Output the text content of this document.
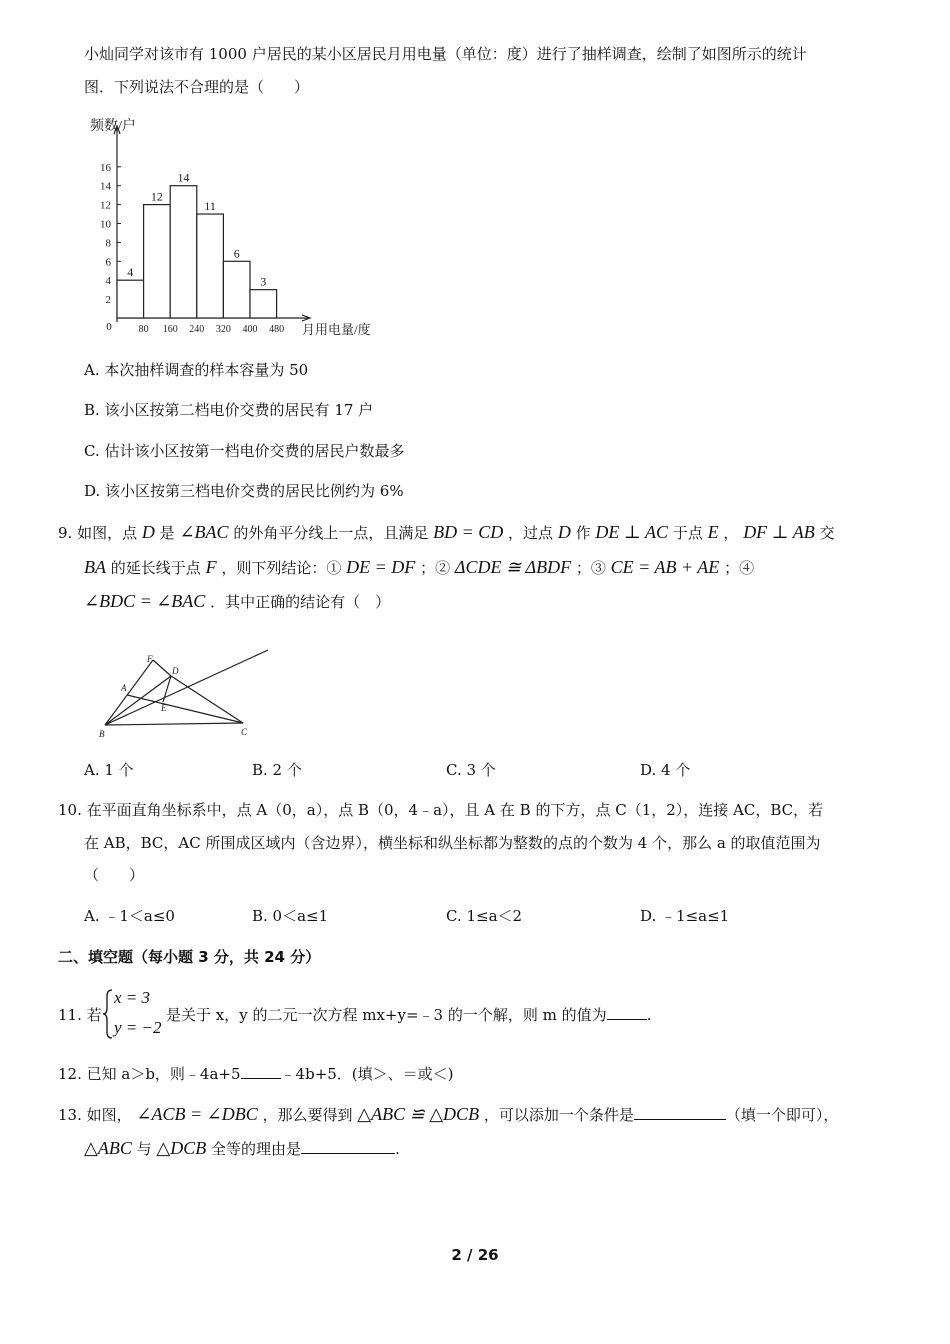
小灿同学对该市有 1000 户居民的某小区居民月用电量（单位：度）进行了抽样调查，绘制了如图所示的统计
图．下列说法不合理的是（　　）
2
4
6
8
10
12
14
16
4
12
14
11
6
3
80 160 240 320 400 480
0
频数/户
月用电量/度
A. 本次抽样调查的样本容量为 50
B. 该小区按第二档电价交费的居民有 17 户
C. 估计该小区按第一档电价交费的居民户数最多
D. 该小区按第三档电价交费的居民比例约为 6%
9. 如图，点 D 是 ∠BAC 的外角平分线上一点，且满足 BD = CD ，过点 D 作 DE ⊥ AC 于点 E ， DF ⊥ AB 交
BA 的延长线于点 F ，则下列结论：① DE = DF ；② ΔCDE ≅ ΔBDF ；③ CE = AB + AE ；④
∠BDC = ∠BAC ．其中正确的结论有（　）
F
D
A
E
B	C
A. 1 个	B. 2 个	C. 3 个	D. 4 个
10. 在平面直角坐标系中，点 A（0，a），点 B（0，4﹣a），且 A 在 B 的下方，点 C（1，2），连接 AC，BC，若
在 AB，BC，AC 所围成区域内（含边界），横坐标和纵坐标都为整数的点的个数为 4 个，那么 a 的取值范围为
（　　）
A. ﹣1＜a≤0	B. 0＜a≤1	C. 1≤a＜2	D. ﹣1≤a≤1
二、填空题（每小题 3 分，共 24 分）
11. 若
x = 3
y = −2
是关于 x，y 的二元一次方程 mx+y=﹣3 的一个解，则 m 的值为	.
12. 已知 a＞b，则﹣4a+5	﹣4b+5．(填＞、＝或＜)
13. 如图， ∠ACB = ∠DBC ，那么要得到 △ABC ≌ △DCB ，可以添加一个条件是	（填一个即可），
△ABC 与 △DCB 全等的理由是	.
2 / 26
